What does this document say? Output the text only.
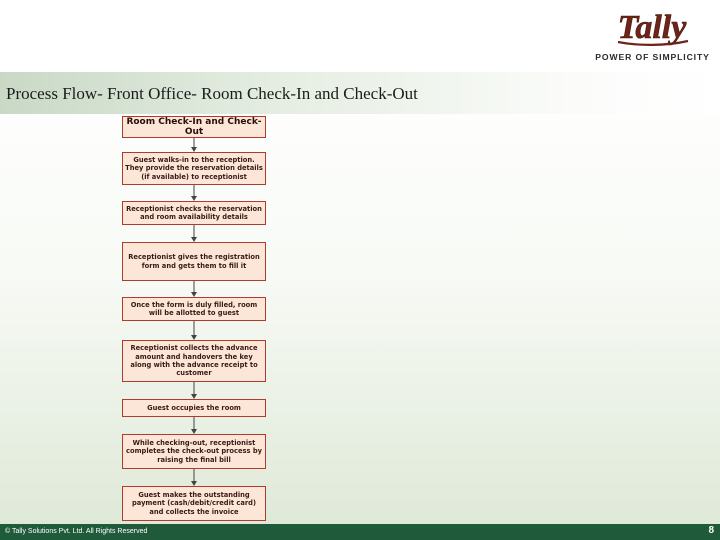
Tally
POWER OF SIMPLICITY
Process Flow- Front Office- Room Check-In and Check-Out
Room Check-In and Check-Out
Guest walks-in to the reception. They provide the reservation details (if available) to receptionist
Receptionist checks the reservation and room availability details
Receptionist gives the registration form and gets them to fill it
Once the form is duly filled, room will be allotted to guest
Receptionist collects the advance amount and handovers the key along with the advance receipt to customer
Guest occupies the room
While checking-out, receptionist completes the check-out process by raising the final bill
Guest makes the outstanding payment (cash/debit/credit card) and collects the invoice
© Tally Solutions Pvt. Ltd. All Rights Reserved	8
